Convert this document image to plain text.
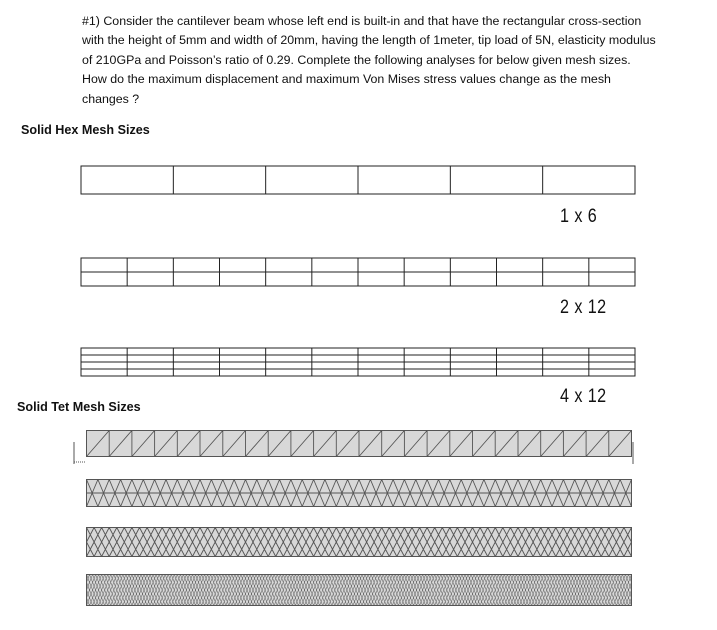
#1) Consider the cantilever beam whose left end is built-in and that have the rectangular cross-section with the height of 5mm and width of 20mm, having the length of 1meter, tip load of 5N, elasticity modulus of 210GPa and Poisson’s ratio of 0.29. Complete the following analyses for below given mesh sizes. How do the maximum displacement and maximum Von Mises stress values change as the mesh changes ?

Solid Hex Mesh Sizes
1 x 6
2 x 12
4 x 12
Solid Tet Mesh Sizes
